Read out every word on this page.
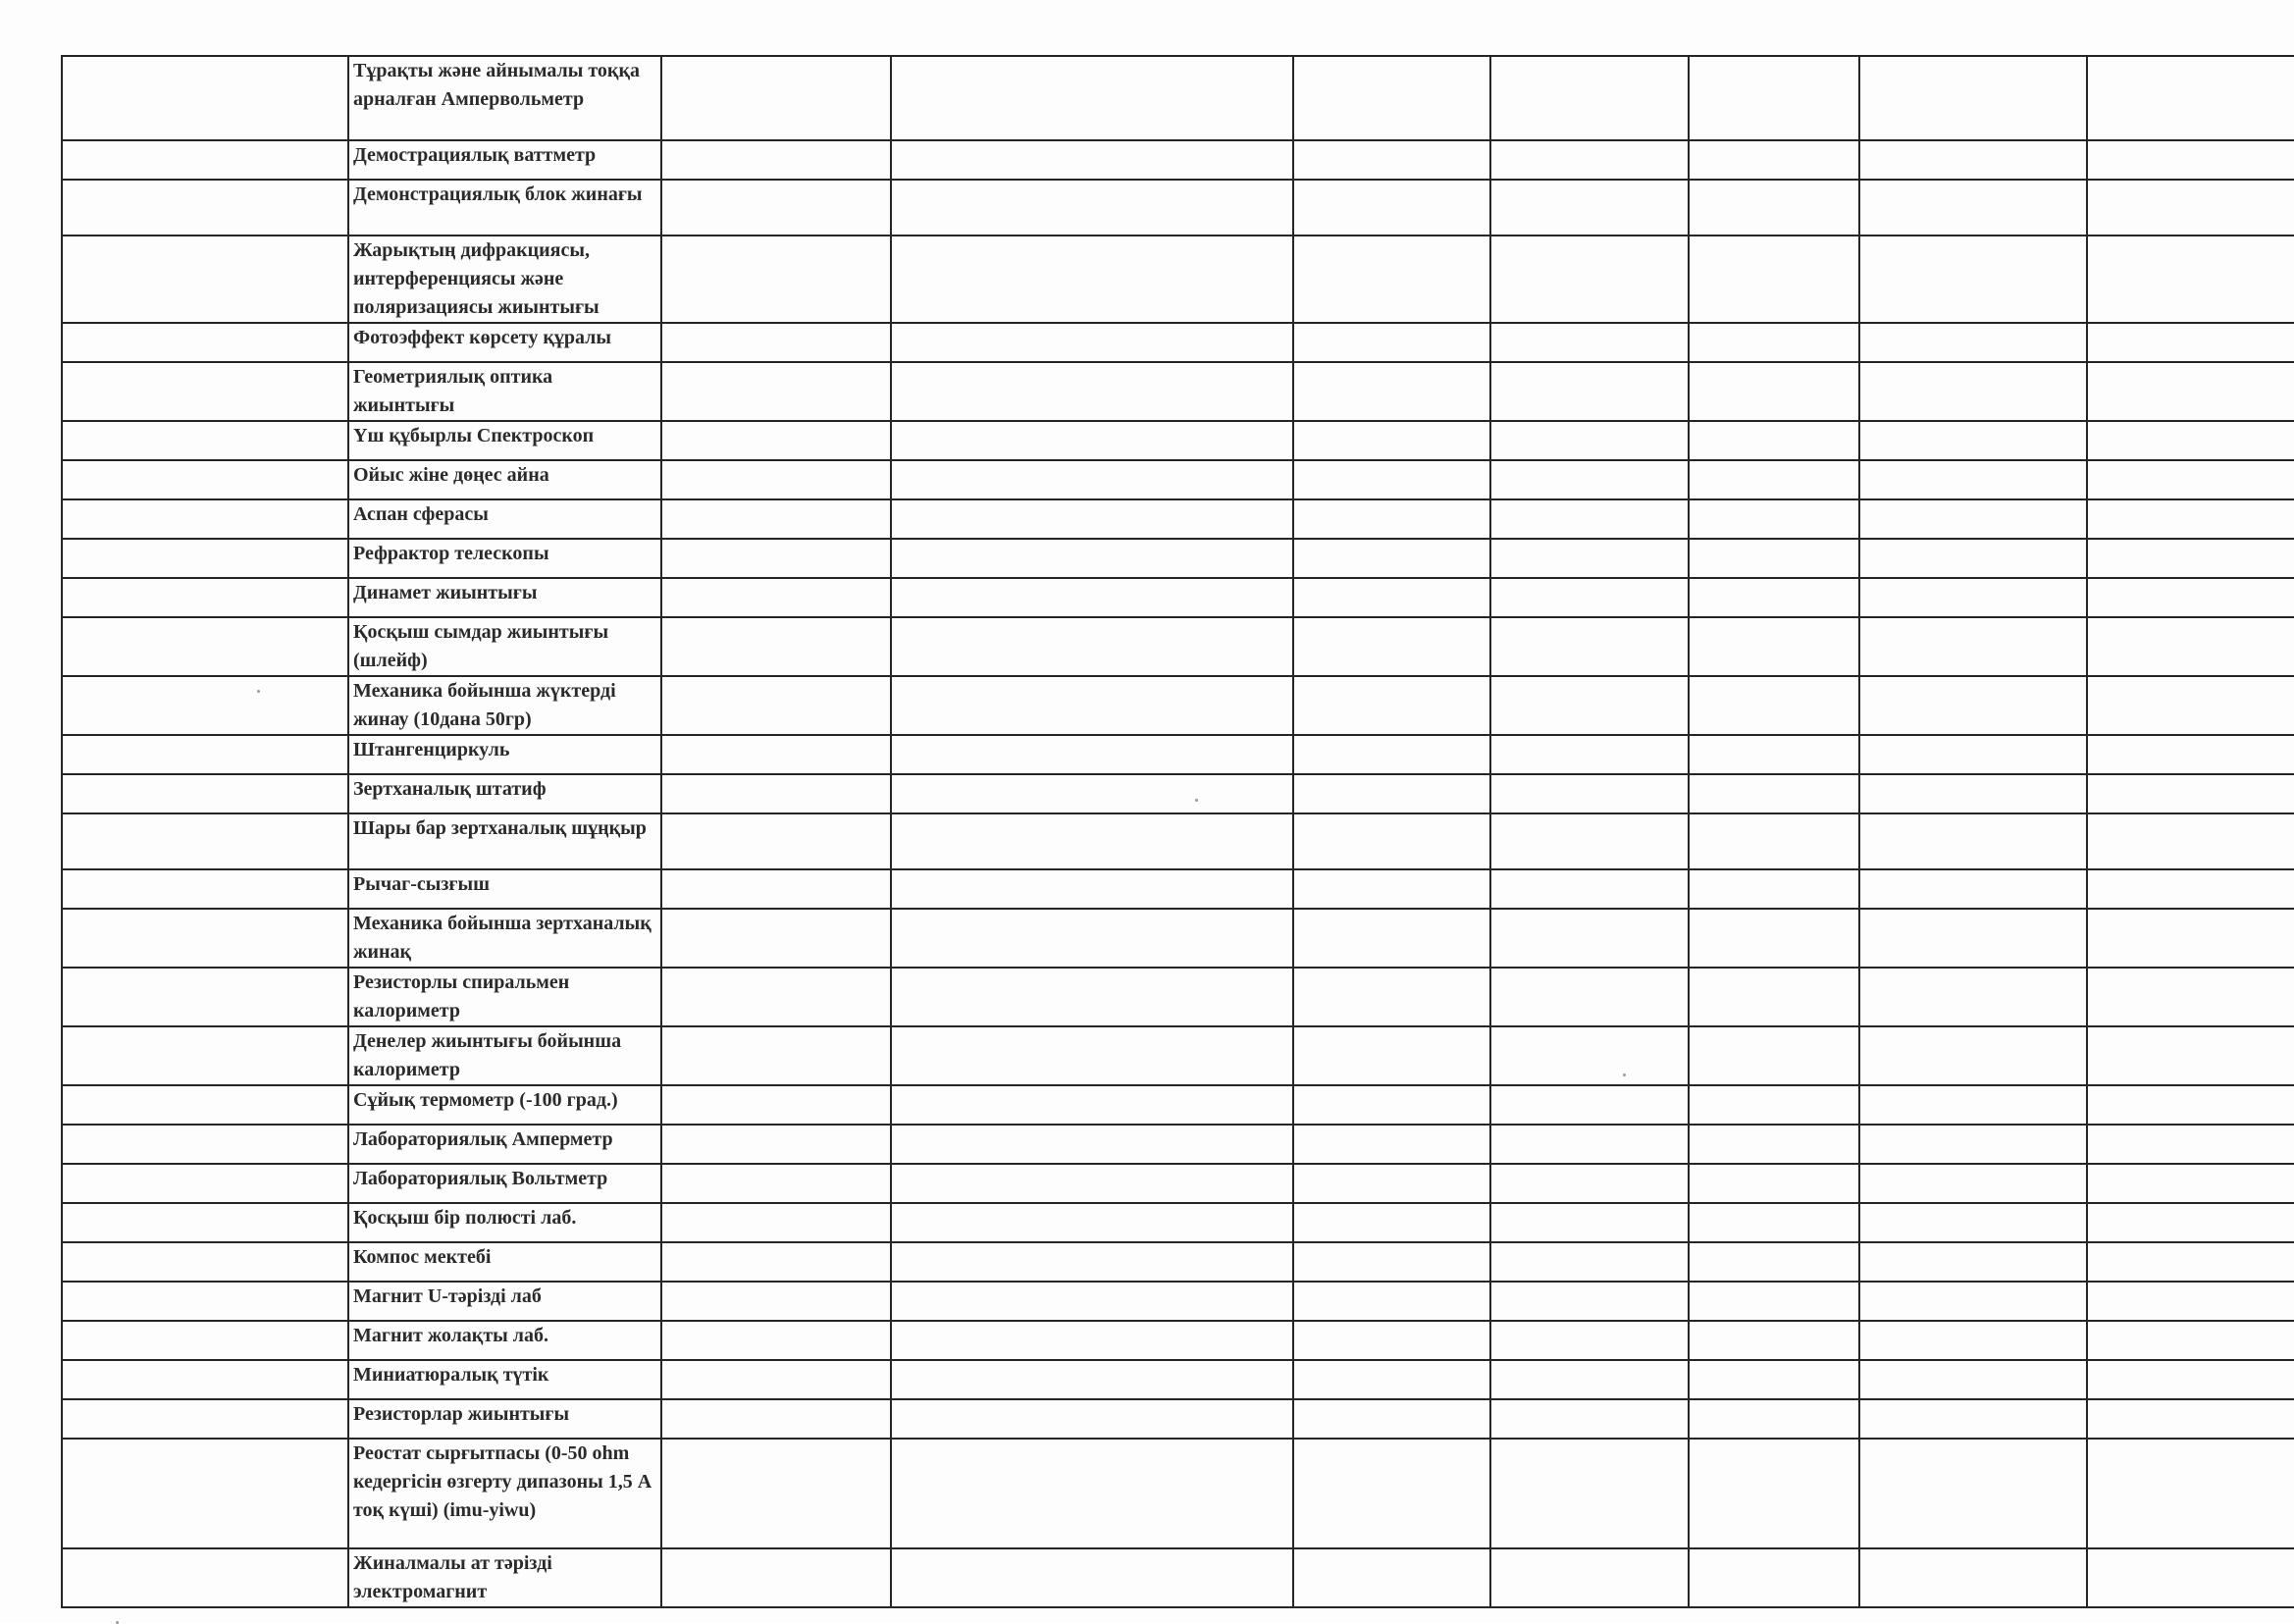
	Тұрақты және айнымалы тоққа арналған Ампервольметр							
	Демострациялық ваттметр							
	Демонстрациялық блок жинағы							
	Жарықтың дифракциясы, интерференциясы және поляризациясы жиынтығы							
	Фотоэффект көрсету құралы							
	Геометриялық оптика жиынтығы							
	Үш құбырлы Спектроскоп							
	Ойыс жіне дөңес айна							
	Аспан сферасы							
	Рефрактор телескопы							
	Динамет жиынтығы							
	Қосқыш сымдар жиынтығы (шлейф)							
	Механика бойынша жүктерді жинау (10дана 50гр)							
	Штангенциркуль							
	Зертханалық штатиф							
	Шары бар зертханалық шұңқыр							
	Рычаг-сызғыш							
	Механика бойынша зертханалық жинақ							
	Резисторлы спиральмен калориметр							
	Денелер жиынтығы бойынша калориметр							
	Сұйық термометр (-100 град.)							
	Лабораториялық Амперметр							
	Лабораториялық Вольтметр							
	Қосқыш бір полюсті лаб.							
	Компос мектебі							
	Магнит U-тәрізді лаб							
	Магнит жолақты лаб.							
	Миниатюралық түтік							
	Резисторлар жиынтығы							
	Реостат сырғытпасы (0-50 ohm кедергісін өзгерту дипазоны 1,5 А тоқ күші) (imu-yiwu)							
	Жиналмалы ат тәрізді электромагнит							
